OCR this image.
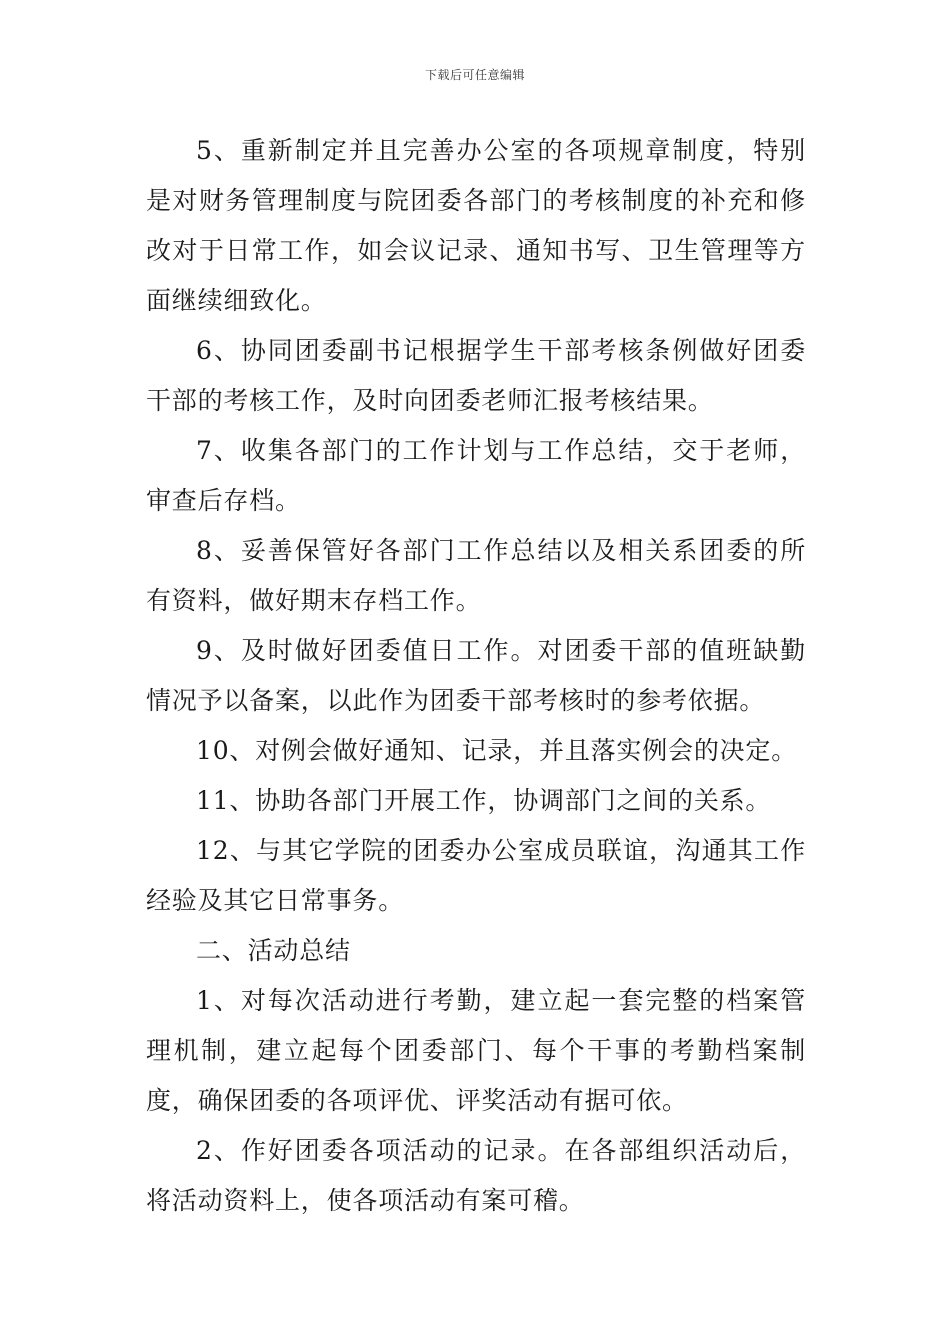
下载后可任意编辑

5、重新制定并且完善办公室的各项规章制度，特别是对财务管理制度与院团委各部门的考核制度的补充和修改对于日常工作，如会议记录、通知书写、卫生管理等方面继续细致化。

6、协同团委副书记根据学生干部考核条例做好团委干部的考核工作，及时向团委老师汇报考核结果。

7、收集各部门的工作计划与工作总结，交于老师，审查后存档。

8、妥善保管好各部门工作总结以及相关系团委的所有资料，做好期末存档工作。

9、及时做好团委值日工作。对团委干部的值班缺勤情况予以备案，以此作为团委干部考核时的参考依据。

10、对例会做好通知、记录，并且落实例会的决定。

11、协助各部门开展工作，协调部门之间的关系。

12、与其它学院的团委办公室成员联谊，沟通其工作经验及其它日常事务。

二、活动总结

1、对每次活动进行考勤，建立起一套完整的档案管理机制，建立起每个团委部门、每个干事的考勤档案制度，确保团委的各项评优、评奖活动有据可依。

2、作好团委各项活动的记录。在各部组织活动后，将活动资料上，使各项活动有案可稽。
